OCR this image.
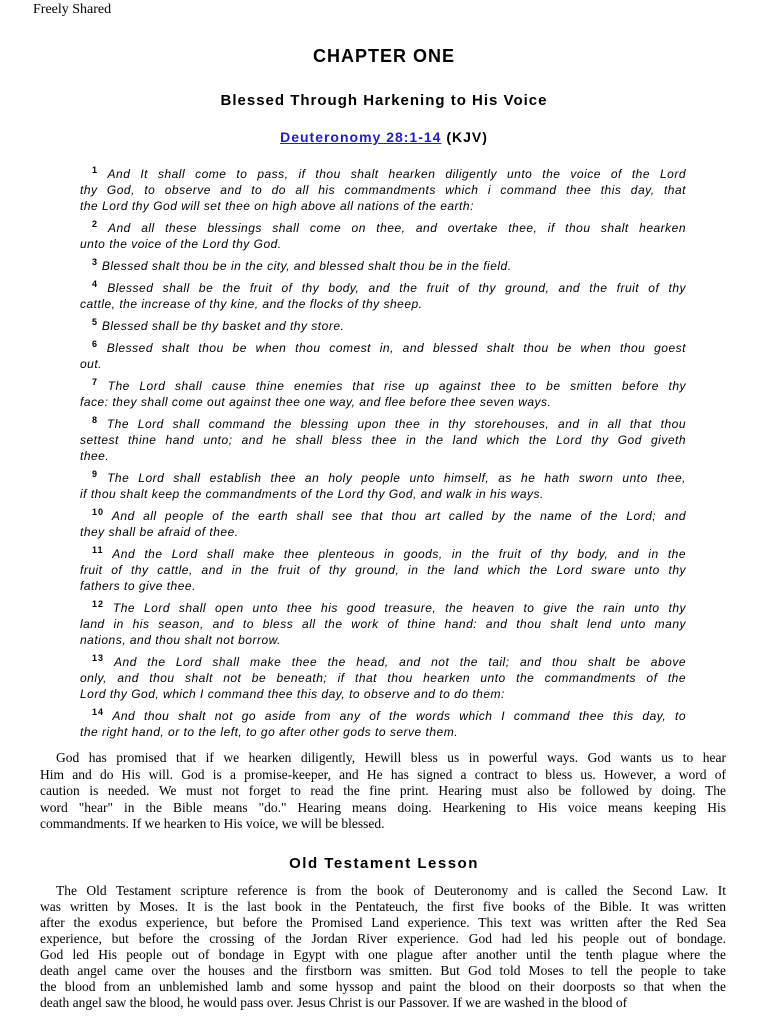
Freely Shared
CHAPTER ONE
Blessed Through Harkening to His Voice
Deuteronomy 28:1-14 (KJV)
$^1$ And It shall come to pass, if thou shalt hearken diligently unto the voice of the Lord
thy God, to observe and to do all his commandments which i command thee this day, that
the Lord thy God will set thee on high above all nations of the earth:
$^2$ And all these blessings shall come on thee, and overtake thee, if thou shalt hearken
unto the voice of the Lord thy God.
$^3$ Blessed shalt thou be in the city, and blessed shalt thou be in the field.
$^4$ Blessed shall be the fruit of thy body, and the fruit of thy ground, and the fruit of thy
cattle, the increase of thy kine, and the flocks of thy sheep.
$^5$ Blessed shall be thy basket and thy store.
$^6$ Blessed shalt thou be when thou comest in, and blessed shalt thou be when thou goest
out.
$^7$ The Lord shall cause thine enemies that rise up against thee to be smitten before thy
face: they shall come out against thee one way, and flee before thee seven ways.
$^8$ The Lord shall command the blessing upon thee in thy storehouses, and in all that thou
settest thine hand unto; and he shall bless thee in the land which the Lord thy God giveth
thee.
$^9$ The Lord shall establish thee an holy people unto himself, as he hath sworn unto thee,
if thou shalt keep the commandments of the Lord thy God, and walk in his ways.
$^{10}$ And all people of the earth shall see that thou art called by the name of the Lord; and
they shall be afraid of thee.
$^{11}$ And the Lord shall make thee plenteous in goods, in the fruit of thy body, and in the
fruit of thy cattle, and in the fruit of thy ground, in the land which the Lord sware unto thy
fathers to give thee.
$^{12}$ The Lord shall open unto thee his good treasure, the heaven to give the rain unto thy
land in his season, and to bless all the work of thine hand: and thou shalt lend unto many
nations, and thou shalt not borrow.
$^{13}$ And the Lord shall make thee the head, and not the tail; and thou shalt be above
only, and thou shalt not be beneath; if that thou hearken unto the commandments of the
Lord thy God, which I command thee this day, to observe and to do them:
$^{14}$ And thou shalt not go aside from any of the words which I command thee this day, to
the right hand, or to the left, to go after other gods to serve them.
God has promised that if we hearken diligently, Hewill bless us in powerful ways. God wants us to hear
Him and do His will. God is a promise-keeper, and He has signed a contract to bless us. However, a word of
caution is needed. We must not forget to read the fine print. Hearing must also be followed by doing. The
word "hear" in the Bible means "do." Hearing means doing. Hearkening to His voice means keeping His
commandments. If we hearken to His voice, we will be blessed.
Old Testament Lesson
The Old Testament scripture reference is from the book of Deuteronomy and is called the Second Law. It
was written by Moses. It is the last book in the Pentateuch, the first five books of the Bible. It was written
after the exodus experience, but before the Promised Land experience. This text was written after the Red Sea
experience, but before the crossing of the Jordan River experience. God had led his people out of bondage.
God led His people out of bondage in Egypt with one plague after another until the tenth plague where the
death angel came over the houses and the firstborn was smitten. But God told Moses to tell the people to take
the blood from an unblemished lamb and some hyssop and paint the blood on their doorposts so that when the
death angel saw the blood, he would pass over. Jesus Christ is our Passover. If we are washed in the blood of
